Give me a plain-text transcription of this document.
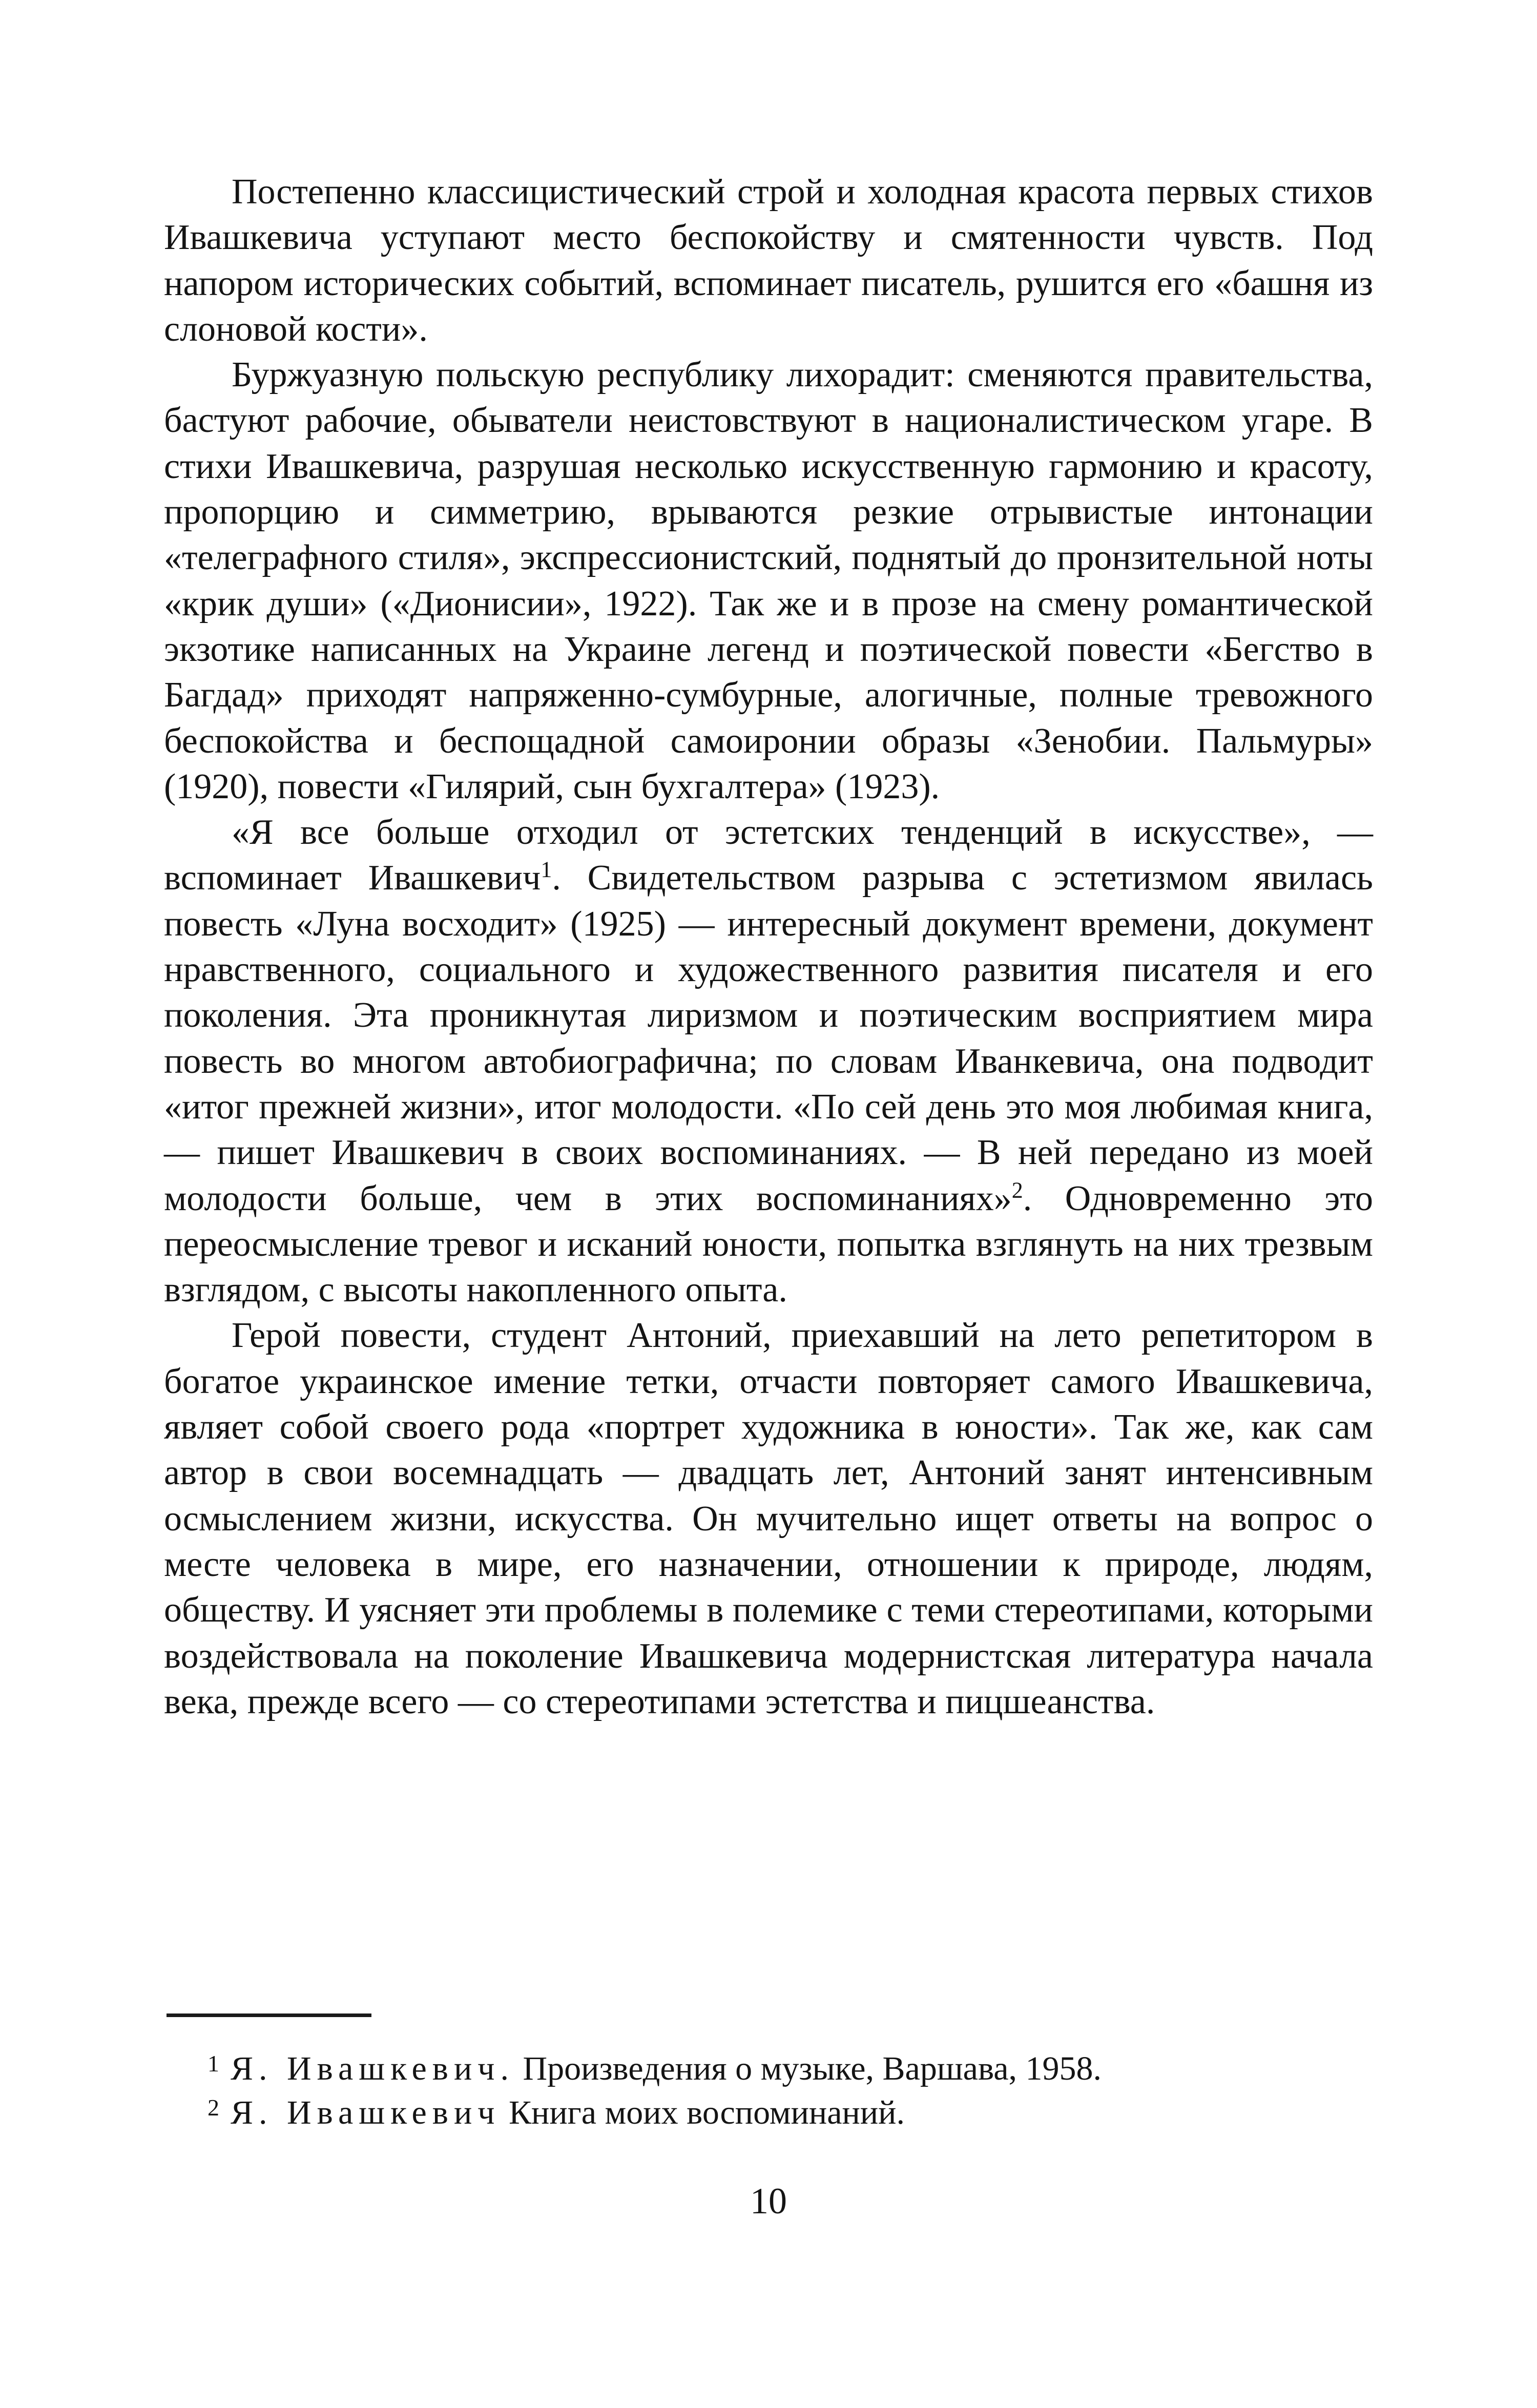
Постепенно классицистический строй и холодная красота первых стихов Ивашкевича уступают место беспокойству и смятенности чувств. Под напором исторических событий, вспоминает писатель, рушится его «башня из слоновой кости».

Буржуазную польскую республику лихорадит: сменяются правительства, бастуют рабочие, обыватели неистовствуют в националистическом угаре. В стихи Ивашкевича, разрушая несколько искусственную гармонию и красоту, пропорцию и симметрию, врываются резкие отрывистые интонации «телеграфного стиля», экспрессионистский, поднятый до пронзительной ноты «крик души» («Дионисии», 1922). Так же и в прозе на смену романтической экзотике написанных на Украине легенд и поэтической повести «Бегство в Багдад» приходят напряженно-сумбурные, алогичные, полные тревожного беспокойства и беспощадной самоиронии образы «Зенобии. Пальмуры» (1920), повести «Гилярий, сын бухгалтера» (1923).

«Я все больше отходил от эстетских тенденций в искусстве», — вспоминает Ивашкевич$^1$. Свидетельством разрыва с эстетизмом явилась повесть «Луна восходит» (1925) — интересный документ времени, документ нравственного, социального и художественного развития писателя и его поколения. Эта проникнутая лиризмом и поэтическим восприятием мира повесть во многом автобиографична; по словам Иванкевича, она подводит «итог прежней жизни», итог молодости. «По сей день это моя любимая книга, — пишет Ивашкевич в своих воспоминаниях. — В ней передано из моей молодости больше, чем в этих воспоминаниях»$^2$. Одновременно это переосмысление тревог и исканий юности, попытка взглянуть на них трезвым взглядом, с высоты накопленного опыта.

Герой повести, студент Антоний, приехавший на лето репетитором в богатое украинское имение тетки, отчасти повторяет самого Ивашкевича, являет собой своего рода «портрет художника в юности». Так же, как сам автор в свои восемнадцать — двадцать лет, Антоний занят интенсивным осмыслением жизни, искусства. Он мучительно ищет ответы на вопрос о месте человека в мире, его назначении, отношении к природе, людям, обществу. И уясняет эти проблемы в полемике с теми стереотипами, которыми воздействовала на поколение Ивашкевича модернистская литература начала века, прежде всего — со стереотипами эстетства и пицшеанства.

1 Я. Ивашкевич. Произведения о музыке, Варшава, 1958.

2 Я. Ивашкевич Книга моих воспоминаний.

10
